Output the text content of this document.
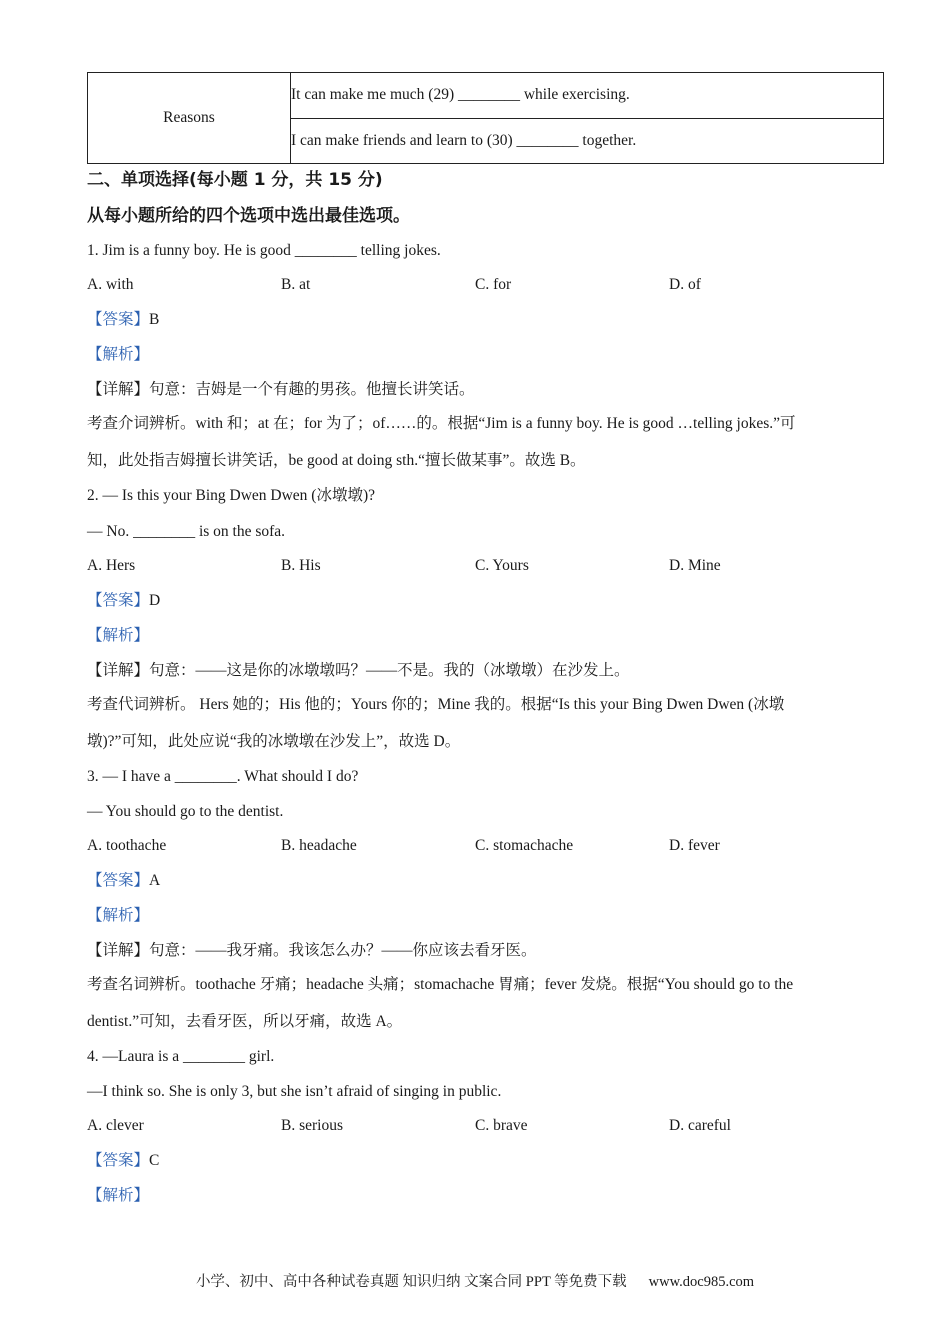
Reasons	It can make me much (29) ________ while exercising.
I can make friends and learn to (30) ________ together.
二、单项选择(每小题 1 分，共 15 分)
从每小题所给的四个选项中选出最佳选项。
1. Jim is a funny boy. He is good ________ telling jokes.
A. with	B. at	C. for	D. of
【答案】B
【解析】
【详解】句意：吉姆是一个有趣的男孩。他擅长讲笑话。
考查介词辨析。with 和；at 在；for 为了；of……的。根据“Jim is a funny boy. He is good …telling jokes.”可
知，此处指吉姆擅长讲笑话，be good at doing sth.“擅长做某事”。故选 B。
2. — Is this your Bing Dwen Dwen (冰墩墩)?
— No. ________ is on the sofa.
A. Hers	B. His	C. Yours	D. Mine
【答案】D
【解析】
【详解】句意：——这是你的冰墩墩吗？——不是。我的（冰墩墩）在沙发上。
考查代词辨析。 Hers 她的；His 他的；Yours 你的；Mine 我的。根据“Is this your Bing Dwen Dwen (冰墩
墩)?”可知，此处应说“我的冰墩墩在沙发上”，故选 D。
3. — I have a ________. What should I do?
— You should go to the dentist.
A. toothache	B. headache	C. stomachache	D. fever
【答案】A
【解析】
【详解】句意：——我牙痛。我该怎么办？——你应该去看牙医。
考查名词辨析。toothache 牙痛；headache 头痛；stomachache 胃痛；fever 发烧。根据“You should go to the
dentist.”可知，去看牙医，所以牙痛，故选 A。
4. —Laura is a ________ girl.
—I think so. She is only 3, but she isn’t afraid of singing in public.
A. clever	B. serious	C. brave	D. careful
【答案】C
【解析】
小学、初中、高中各种试卷真题 知识归纳 文案合同 PPT 等免费下载 www.doc985.com
